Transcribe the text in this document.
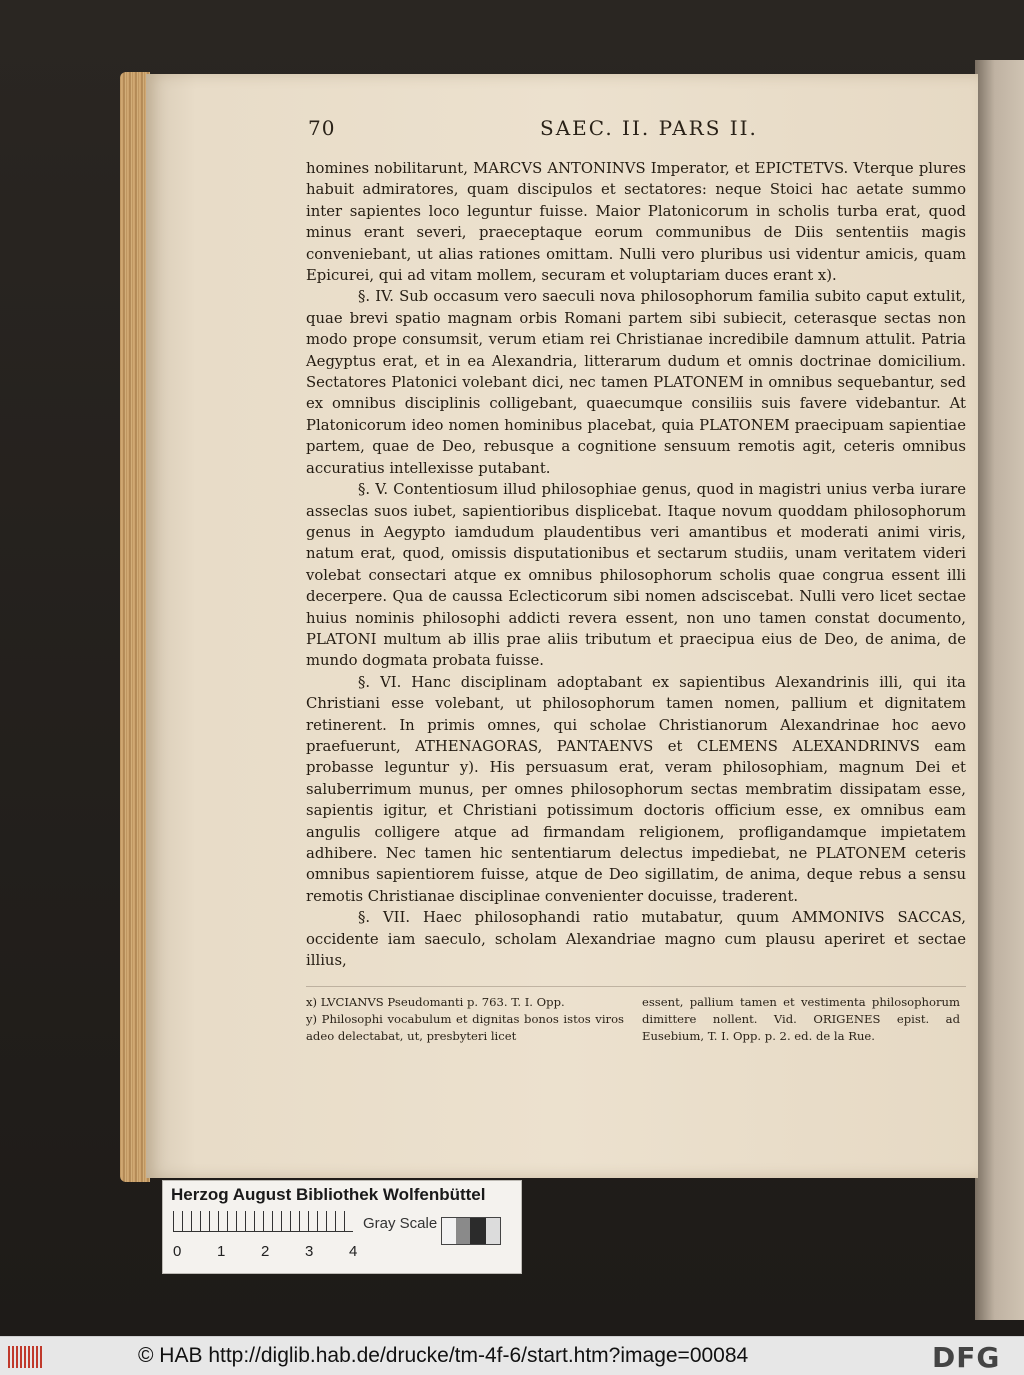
70	SAEC. II. PARS II.

homines nobilitarunt, MARCVS ANTONINVS Imperator, et EPICTETVS. Vterque plures habuit admiratores, quam discipulos et sectatores: neque Stoici hac aetate summo inter sapientes loco leguntur fuisse. Maior Platonicorum in scholis turba erat, quod minus erant severi, praeceptaque eorum communibus de Diis sententiis magis conveniebant, ut alias rationes omittam. Nulli vero pluribus usi videntur amicis, quam Epicurei, qui ad vitam mollem, securam et voluptariam duces erant x).

§. IV. Sub occasum vero saeculi nova philosophorum familia subito caput extulit, quae brevi spatio magnam orbis Romani partem sibi subiecit, ceterasque sectas non modo prope consumsit, verum etiam rei Christianae incredibile damnum attulit. Patria Aegyptus erat, et in ea Alexandria, litterarum dudum et omnis doctrinae domicilium. Sectatores Platonici volebant dici, nec tamen PLATONEM in omnibus sequebantur, sed ex omnibus disciplinis colligebant, quaecumque consiliis suis favere videbantur. At Platonicorum ideo nomen hominibus placebat, quia PLATONEM praecipuam sapientiae partem, quae de Deo, rebusque a cognitione sensuum remotis agit, ceteris omnibus accuratius intellexisse putabant.

§. V. Contentiosum illud philosophiae genus, quod in magistri unius verba iurare asseclas suos iubet, sapientioribus displicebat. Itaque novum quoddam philosophorum genus in Aegypto iamdudum plaudentibus veri amantibus et moderati animi viris, natum erat, quod, omissis disputationibus et sectarum studiis, unam veritatem videri volebat consectari atque ex omnibus philosophorum scholis quae congrua essent illi decerpere. Qua de caussa Eclecticorum sibi nomen adsciscebat. Nulli vero licet sectae huius nominis philosophi addicti revera essent, non uno tamen constat documento, PLATONI multum ab illis prae aliis tributum et praecipua eius de Deo, de anima, de mundo dogmata probata fuisse.

§. VI. Hanc disciplinam adoptabant ex sapientibus Alexandrinis illi, qui ita Christiani esse volebant, ut philosophorum tamen nomen, pallium et dignitatem retinerent. In primis omnes, qui scholae Christianorum Alexandrinae hoc aevo praefuerunt, ATHENAGORAS, PANTAENVS et CLEMENS ALEXANDRINVS eam probasse leguntur y). His persuasum erat, veram philosophiam, magnum Dei et saluberrimum munus, per omnes philosophorum sectas membratim dissipatam esse, sapientis igitur, et Christiani potissimum doctoris officium esse, ex omnibus eam angulis colligere atque ad firmandam religionem, profligandamque impietatem adhibere. Nec tamen hic sententiarum delectus impediebat, ne PLATONEM ceteris omnibus sapientiorem fuisse, atque de Deo sigillatim, de anima, deque rebus a sensu remotis Christianae disciplinae convenienter docuisse, traderent.

§. VII. Haec philosophandi ratio mutabatur, quum AMMONIVS SACCAS, occidente iam saeculo, scholam Alexandriae magno cum plausu aperiret et sectae illius,

x) LVCIANVS Pseudomanti p. 763. T. I. Opp.

y) Philosophi vocabulum et dignitas bonos istos viros adeo delectabat, ut, presbyteri licet

essent, pallium tamen et vestimenta philosophorum dimittere nollent. Vid. ORIGENES epist. ad Eusebium, T. I. Opp. p. 2. ed. de la Rue.

Herzog August Bibliothek Wolfenbüttel
0 1 2 3 4
Gray Scale
© HAB http://diglib.hab.de/drucke/tm-4f-6/start.htm?image=00084	DFG
